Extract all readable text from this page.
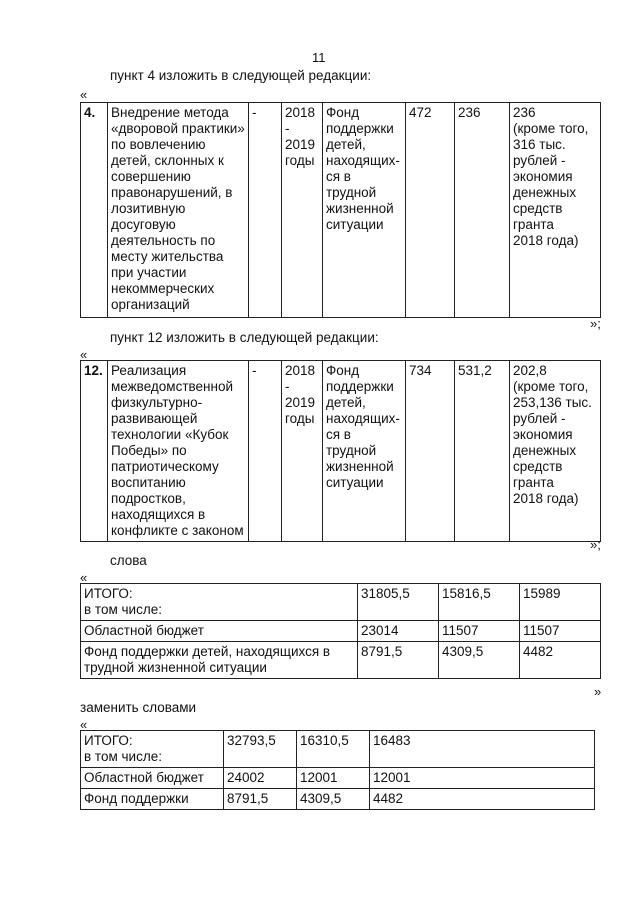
11
пункт 4 изложить в следующей редакции:
«
4.	Внедрение метода
«дворовой практики»
по вовлечению
детей, склонных к
совершению
правонарушений, в
лозитивную
досуговую
деятельность по
месту жительства
при участии
некоммерческих
организаций	-	2018
-
2019
годы	Фонд
поддержки
детей,
находящих-
ся в
трудной
жизненной
ситуации	472	236	236
(кроме того,
316 тыс.
рублей -
экономия
денежных
средств
гранта
2018 года)
»;
пункт 12 изложить в следующей редакции:
«
12.	Реализация
межведомственной
физкультурно-
развивающей
технологии «Кубок
Победы» по
патриотическому
воспитанию
подростков,
находящихся в
конфликте с законом	-	2018
-
2019
годы	Фонд
поддержки
детей,
находящих-
ся в
трудной
жизненной
ситуации	734	531,2	202,8
(кроме того,
253,136 тыс.
рублей -
экономия
денежных
средств
гранта
2018 года)
»;
слова
«
ИТОГО:
в том числе:	31805,5	15816,5	15989
Областной бюджет	23014	11507	11507
Фонд поддержки детей, находящихся в
трудной жизненной ситуации	8791,5	4309,5	4482
»
заменить словами
«
ИТОГО:
в том числе:	32793,5	16310,5	16483
Областной бюджет	24002	12001	12001
Фонд поддержки	8791,5	4309,5	4482
